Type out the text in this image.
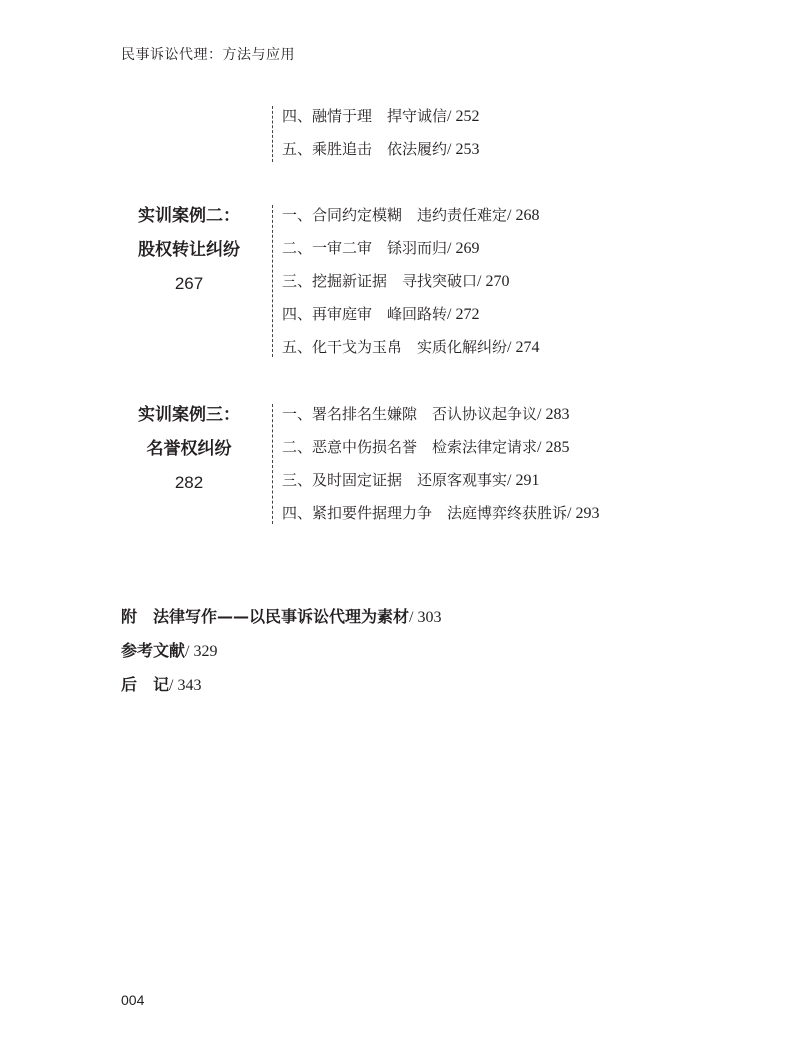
民事诉讼代理：方法与应用
四、融情于理　捍守诚信/ 252
五、乘胜追击　依法履约/ 253
实训案例二：
股权转让纠纷
267
一、合同约定模糊　违约责任难定/ 268
二、一审二审　铩羽而归/ 269
三、挖掘新证据　寻找突破口/ 270
四、再审庭审　峰回路转/ 272
五、化干戈为玉帛　实质化解纠纷/ 274
实训案例三：
名誉权纠纷
282
一、署名排名生嫌隙　否认协议起争议/ 283
二、恶意中伤损名誉　检索法律定请求/ 285
三、及时固定证据　还原客观事实/ 291
四、紧扣要件据理力争　法庭博弈终获胜诉/ 293
附　法律写作——以民事诉讼代理为素材/ 303
参考文献/ 329
后　记/ 343
004
